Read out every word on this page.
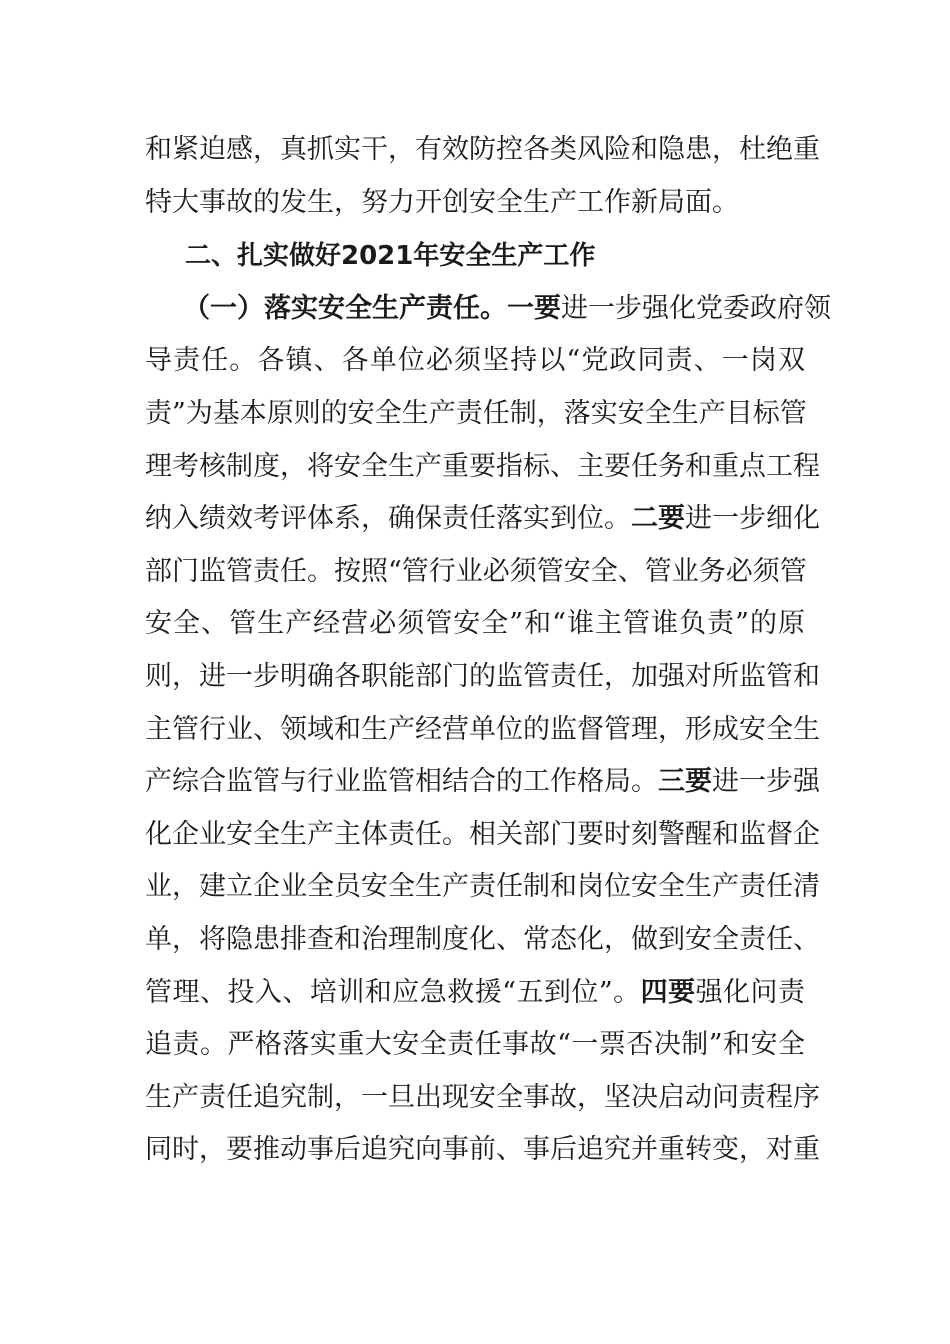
和紧迫感，真抓实干，有效防控各类风险和隐患，杜绝重
特大事故的发生，努力开创安全生产工作新局面。
二、扎实做好2021年安全生产工作
（一）落实安全生产责任。一要进一步强化党委政府领
导责任。各镇、各单位必须坚持以“党政同责、一岗双
责”为基本原则的安全生产责任制，落实安全生产目标管
理考核制度，将安全生产重要指标、主要任务和重点工程
纳入绩效考评体系，确保责任落实到位。二要进一步细化
部门监管责任。按照“管行业必须管安全、管业务必须管
安全、管生产经营必须管安全”和“谁主管谁负责”的原
则，进一步明确各职能部门的监管责任，加强对所监管和
主管行业、领域和生产经营单位的监督管理，形成安全生
产综合监管与行业监管相结合的工作格局。三要进一步强
化企业安全生产主体责任。相关部门要时刻警醒和监督企
业，建立企业全员安全生产责任制和岗位安全生产责任清
单，将隐患排查和治理制度化、常态化，做到安全责任、
管理、投入、培训和应急救援“五到位”。四要强化问责
追责。严格落实重大安全责任事故“一票否决制”和安全
生产责任追究制，一旦出现安全事故，坚决启动问责程序
同时，要推动事后追究向事前、事后追究并重转变，对重
